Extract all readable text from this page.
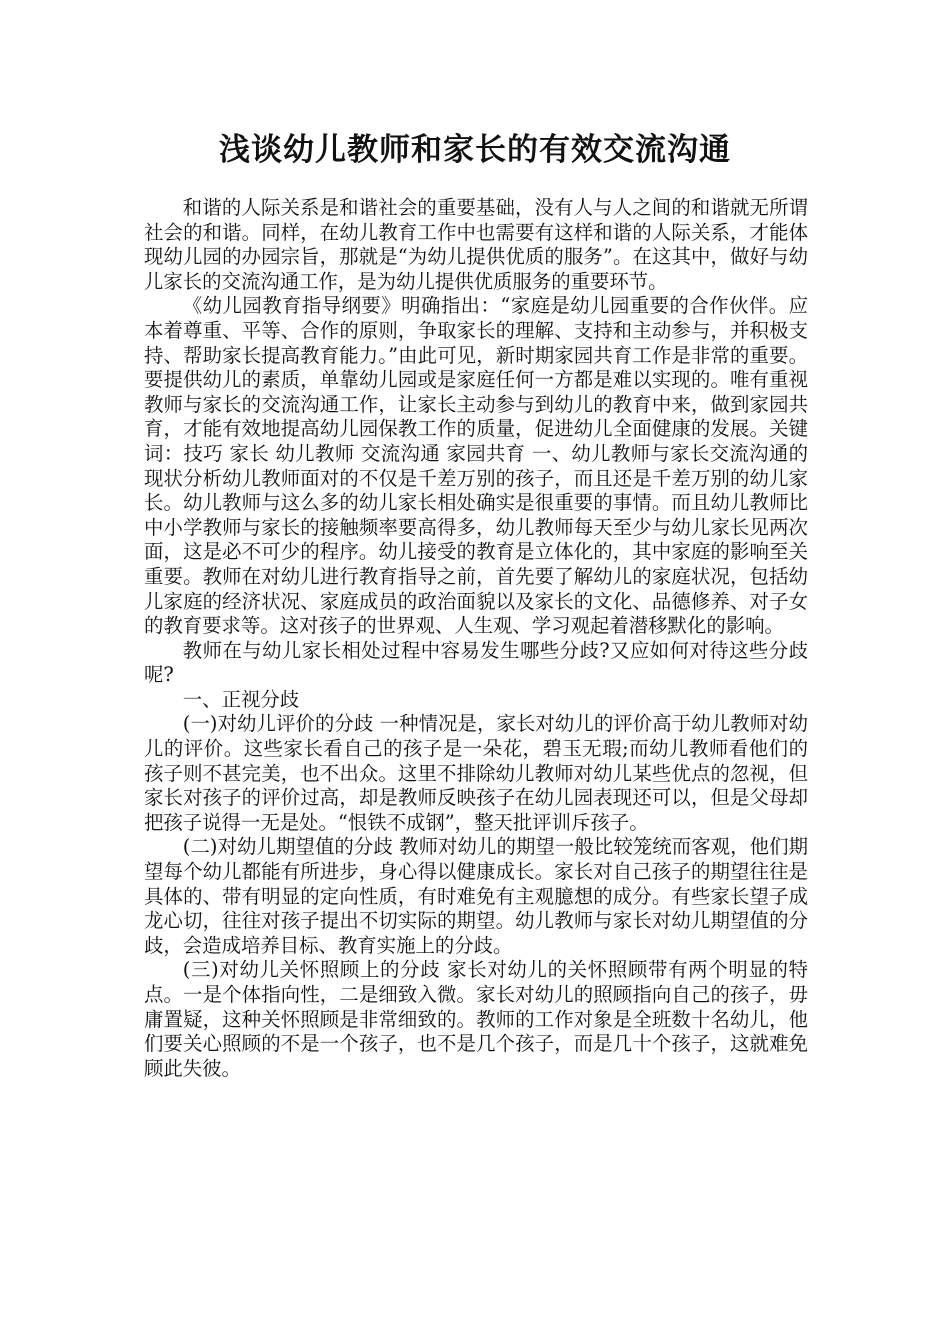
浅谈幼儿教师和家长的有效交流沟通

和谐的人际关系是和谐社会的重要基础，没有人与人之间的和谐就无所谓社会的和谐。同样，在幼儿教育工作中也需要有这样和谐的人际关系，才能体现幼儿园的办园宗旨，那就是“为幼儿提供优质的服务”。在这其中，做好与幼儿家长的交流沟通工作，是为幼儿提供优质服务的重要环节。

《幼儿园教育指导纲要》明确指出：“家庭是幼儿园重要的合作伙伴。应本着尊重、平等、合作的原则，争取家长的理解、支持和主动参与，并积极支持、帮助家长提高教育能力。”由此可见，新时期家园共育工作是非常的重要。要提供幼儿的素质，单靠幼儿园或是家庭任何一方都是难以实现的。唯有重视教师与家长的交流沟通工作，让家长主动参与到幼儿的教育中来，做到家园共育，才能有效地提高幼儿园保教工作的质量，促进幼儿全面健康的发展。关键词：技巧 家长 幼儿教师 交流沟通 家园共育 一、幼儿教师与家长交流沟通的现状分析幼儿教师面对的不仅是千差万别的孩子，而且还是千差万别的幼儿家长。幼儿教师与这么多的幼儿家长相处确实是很重要的事情。而且幼儿教师比中小学教师与家长的接触频率要高得多，幼儿教师每天至少与幼儿家长见两次面，这是必不可少的程序。幼儿接受的教育是立体化的，其中家庭的影响至关重要。教师在对幼儿进行教育指导之前，首先要了解幼儿的家庭状况，包括幼儿家庭的经济状况、家庭成员的政治面貌以及家长的文化、品德修养、对子女的教育要求等。这对孩子的世界观、人生观、学习观起着潜移默化的影响。

教师在与幼儿家长相处过程中容易发生哪些分歧?又应如何对待这些分歧呢?

一、正视分歧

(一)对幼儿评价的分歧 一种情况是，家长对幼儿的评价高于幼儿教师对幼儿的评价。这些家长看自己的孩子是一朵花，碧玉无瑕;而幼儿教师看他们的孩子则不甚完美，也不出众。这里不排除幼儿教师对幼儿某些优点的忽视，但家长对孩子的评价过高，却是教师反映孩子在幼儿园表现还可以，但是父母却把孩子说得一无是处。“恨铁不成钢”，整天批评训斥孩子。

(二)对幼儿期望值的分歧 教师对幼儿的期望一般比较笼统而客观，他们期望每个幼儿都能有所进步，身心得以健康成长。家长对自己孩子的期望往往是具体的、带有明显的定向性质，有时难免有主观臆想的成分。有些家长望子成龙心切，往往对孩子提出不切实际的期望。幼儿教师与家长对幼儿期望值的分歧，会造成培养目标、教育实施上的分歧。

(三)对幼儿关怀照顾上的分歧 家长对幼儿的关怀照顾带有两个明显的特点。一是个体指向性，二是细致入微。家长对幼儿的照顾指向自己的孩子，毋庸置疑，这种关怀照顾是非常细致的。教师的工作对象是全班数十名幼儿，他们要关心照顾的不是一个孩子，也不是几个孩子，而是几十个孩子，这就难免顾此失彼。
